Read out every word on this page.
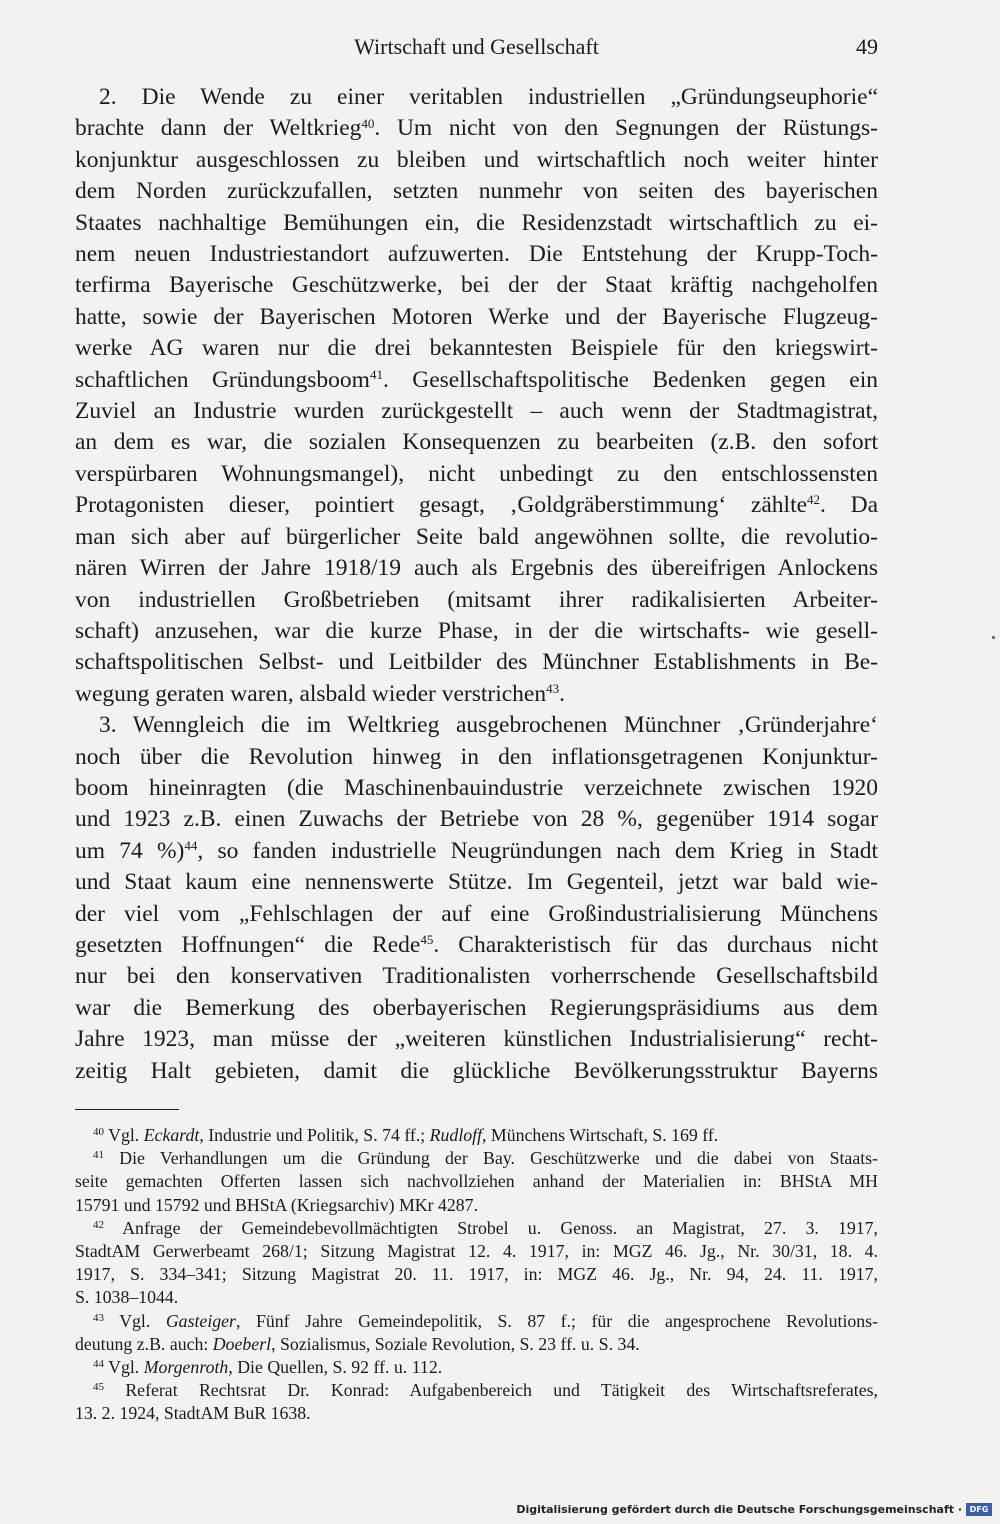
Wirtschaft und Gesellschaft	49
2. Die Wende zu einer veritablen industriellen „Gründungseuphorie“
brachte dann der Weltkrieg$^{40}$. Um nicht von den Segnungen der Rüstungs-
konjunktur ausgeschlossen zu bleiben und wirtschaftlich noch weiter hinter
dem Norden zurückzufallen, setzten nunmehr von seiten des bayerischen
Staates nachhaltige Bemühungen ein, die Residenzstadt wirtschaftlich zu ei-
nem neuen Industriestandort aufzuwerten. Die Entstehung der Krupp-Toch-
terfirma Bayerische Geschützwerke, bei der der Staat kräftig nachgeholfen
hatte, sowie der Bayerischen Motoren Werke und der Bayerische Flugzeug-
werke AG waren nur die drei bekanntesten Beispiele für den kriegswirt-
schaftlichen Gründungsboom$^{41}$. Gesellschaftspolitische Bedenken gegen ein
Zuviel an Industrie wurden zurückgestellt – auch wenn der Stadtmagistrat,
an dem es war, die sozialen Konsequenzen zu bearbeiten (z.B. den sofort
verspürbaren Wohnungsmangel), nicht unbedingt zu den entschlossensten
Protagonisten dieser, pointiert gesagt, ‚Goldgräberstimmung‘ zählte$^{42}$. Da
man sich aber auf bürgerlicher Seite bald angewöhnen sollte, die revolutio-
nären Wirren der Jahre 1918/19 auch als Ergebnis des übereifrigen Anlockens
von industriellen Großbetrieben (mitsamt ihrer radikalisierten Arbeiter-
schaft) anzusehen, war die kurze Phase, in der die wirtschafts- wie gesell-
schaftspolitischen Selbst- und Leitbilder des Münchner Establishments in Be-
wegung geraten waren, alsbald wieder verstrichen$^{43}$.
3. Wenngleich die im Weltkrieg ausgebrochenen Münchner ‚Gründerjahre‘
noch über die Revolution hinweg in den inflationsgetragenen Konjunktur-
boom hineinragten (die Maschinenbauindustrie verzeichnete zwischen 1920
und 1923 z.B. einen Zuwachs der Betriebe von 28 %, gegenüber 1914 sogar
um 74 %)$^{44}$, so fanden industrielle Neugründungen nach dem Krieg in Stadt
und Staat kaum eine nennenswerte Stütze. Im Gegenteil, jetzt war bald wie-
der viel vom „Fehlschlagen der auf eine Großindustrialisierung Münchens
gesetzten Hoffnungen“ die Rede$^{45}$. Charakteristisch für das durchaus nicht
nur bei den konservativen Traditionalisten vorherrschende Gesellschaftsbild
war die Bemerkung des oberbayerischen Regierungspräsidiums aus dem
Jahre 1923, man müsse der „weiteren künstlichen Industrialisierung“ recht-
zeitig Halt gebieten, damit die glückliche Bevölkerungsstruktur Bayerns
$^{40}$ Vgl. Eckardt, Industrie und Politik, S. 74 ff.; Rudloff, Münchens Wirtschaft, S. 169 ff.
$^{41}$ Die Verhandlungen um die Gründung der Bay. Geschützwerke und die dabei von Staats-
seite gemachten Offerten lassen sich nachvollziehen anhand der Materialien in: BHStA MH
15791 und 15792 und BHStA (Kriegsarchiv) MKr 4287.
$^{42}$ Anfrage der Gemeindebevollmächtigten Strobel u. Genoss. an Magistrat, 27. 3. 1917,
StadtAM Gerwerbeamt 268/1; Sitzung Magistrat 12. 4. 1917, in: MGZ 46. Jg., Nr. 30/31, 18. 4.
1917, S. 334–341; Sitzung Magistrat 20. 11. 1917, in: MGZ 46. Jg., Nr. 94, 24. 11. 1917,
S. 1038–1044.
$^{43}$ Vgl. Gasteiger, Fünf Jahre Gemeindepolitik, S. 87 f.; für die angesprochene Revolutions-
deutung z.B. auch: Doeberl, Sozialismus, Soziale Revolution, S. 23 ff. u. S. 34.
$^{44}$ Vgl. Morgenroth, Die Quellen, S. 92 ff. u. 112.
$^{45}$ Referat Rechtsrat Dr. Konrad: Aufgabenbereich und Tätigkeit des Wirtschaftsreferates,
13. 2. 1924, StadtAM BuR 1638.
Digitalisierung gefördert durch die Deutsche Forschungsgemeinschaft · DFG
